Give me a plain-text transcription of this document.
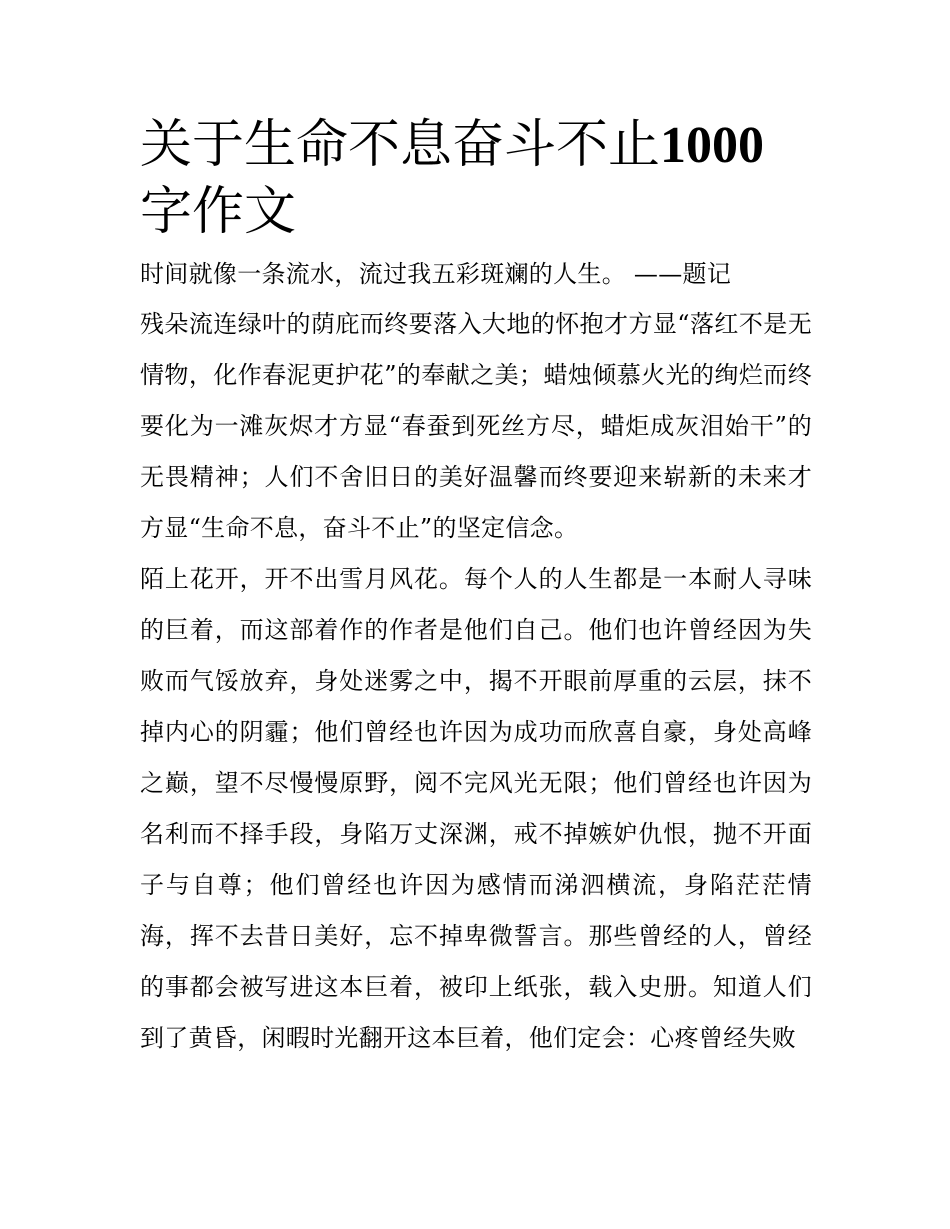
关于生命不息奋斗不止1000字作文

时间就像一条流水，流过我五彩斑斓的人生。 ——题记

残朵流连绿叶的荫庇而终要落入大地的怀抱才方显“落红不是无情物，化作春泥更护花”的奉献之美；蜡烛倾慕火光的绚烂而终要化为一滩灰烬才方显“春蚕到死丝方尽，蜡炬成灰泪始干”的无畏精神；人们不舍旧日的美好温馨而终要迎来崭新的未来才方显“生命不息，奋斗不止”的坚定信念。

陌上花开，开不出雪月风花。每个人的人生都是一本耐人寻味的巨着，而这部着作的作者是他们自己。他们也许曾经因为失败而气馁放弃，身处迷雾之中，揭不开眼前厚重的云层，抹不掉内心的阴霾；他们曾经也许因为成功而欣喜自豪，身处高峰之巅，望不尽慢慢原野，阅不完风光无限；他们曾经也许因为名利而不择手段，身陷万丈深渊，戒不掉嫉妒仇恨，抛不开面子与自尊；他们曾经也许因为感情而涕泗横流，身陷茫茫情海，挥不去昔日美好，忘不掉卑微誓言。那些曾经的人，曾经的事都会被写进这本巨着，被印上纸张，载入史册。知道人们到了黄昏，闲暇时光翻开这本巨着，他们定会：心疼曾经失败
